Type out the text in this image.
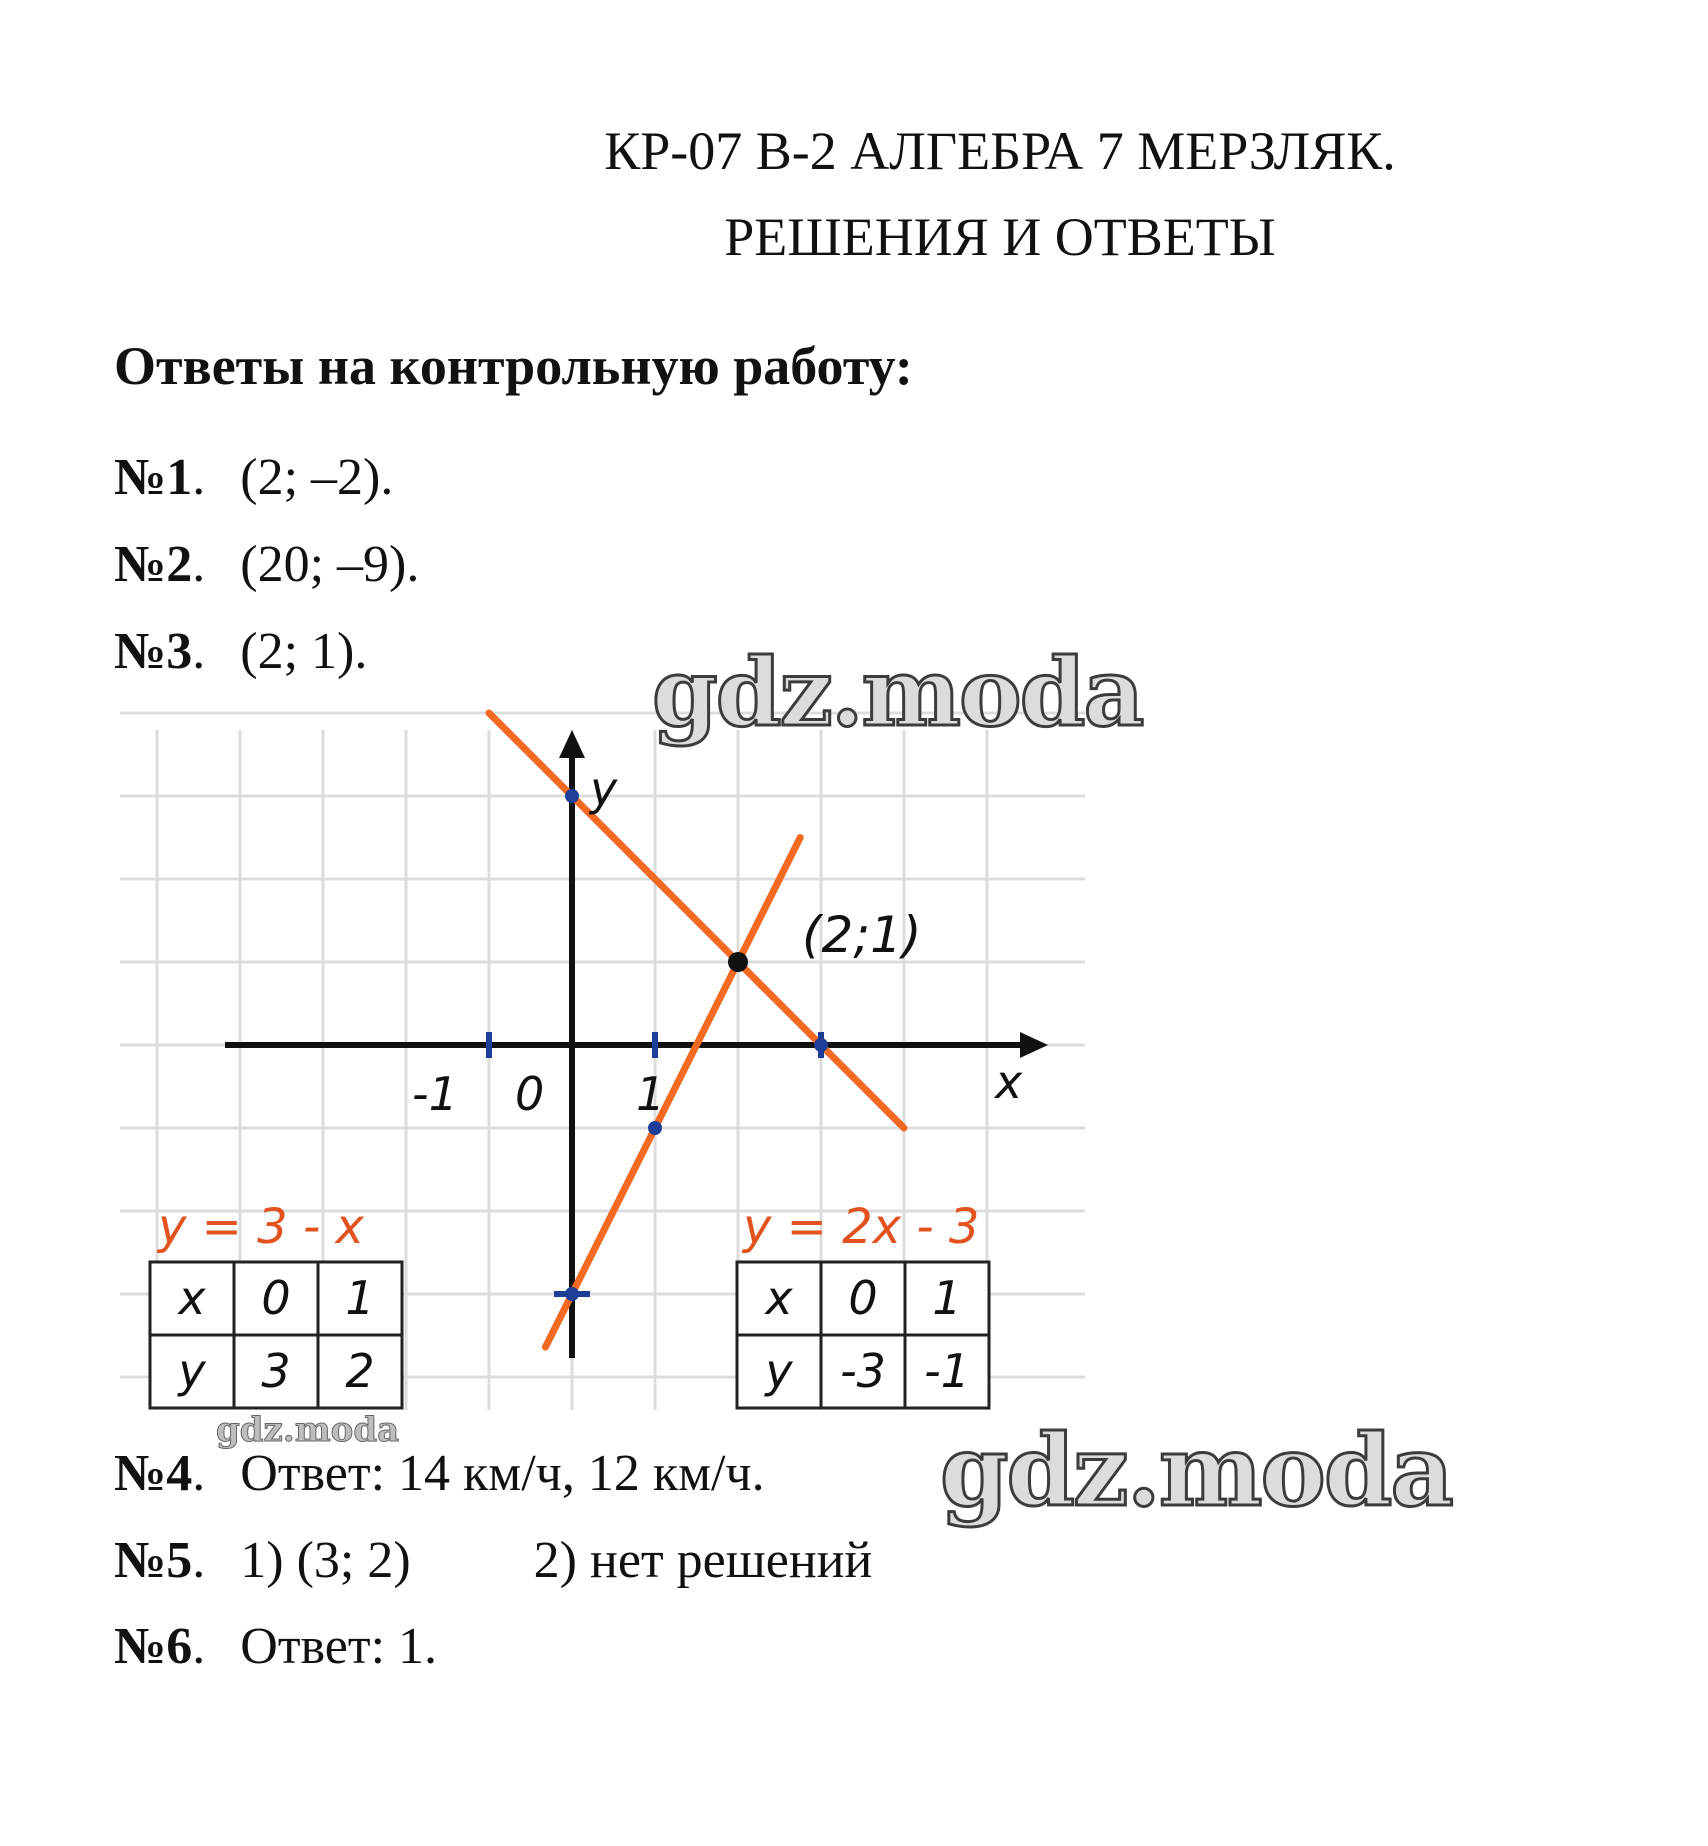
КР-07 В-2 АЛГЕБРА 7 МЕРЗЛЯК.
РЕШЕНИЯ И ОТВЕТЫ
Ответы на контрольную работу:
№1. (2; –2).
№2. (20; –9).
№3. (2; 1).
№4. Ответ: 14 км/ч, 12 км/ч.
№5. 1) (3; 2) 2) нет решений
№6. Ответ: 1.
y
x
-1 0 1
(2;1)
y = 3 - x	y = 2x - 3
x 0 1
y 3 2
x 0 1
y -3 -1
gdz.moda
gdz.moda
gdz.moda
